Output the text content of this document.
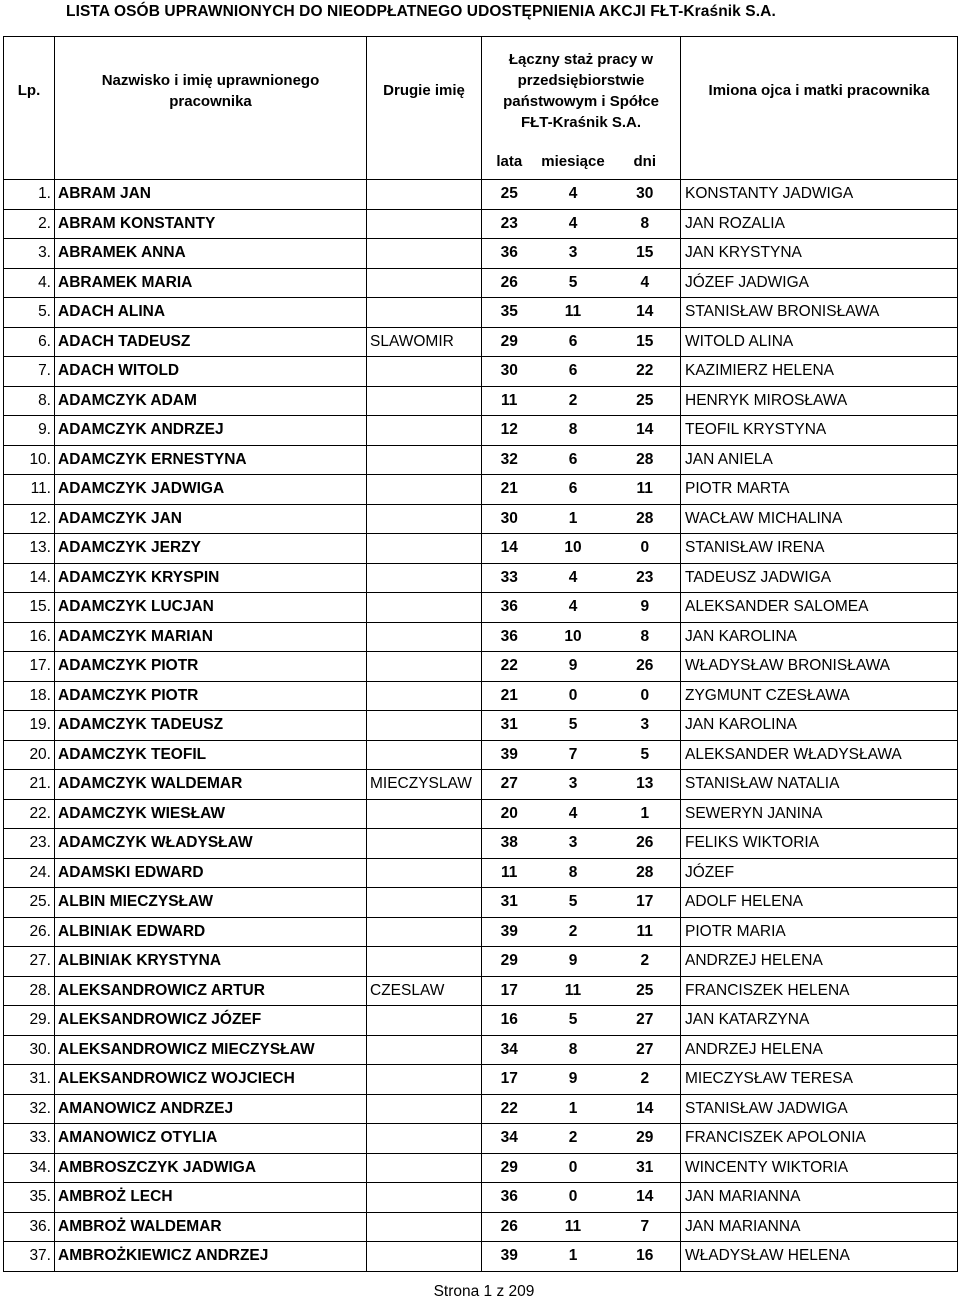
LISTA OSÓB UPRAWNIONYCH DO NIEODPŁATNEGO UDOSTĘPNIENIA AKCJI FŁT-Kraśnik S.A.
Lp.	Nazwisko i imię uprawnionego pracownika	Drugie imię	Łączny staż pracy w przedsiębiorstwie państwowym i Spółce FŁT-Kraśnik S.A.			Imiona ojca i matki pracownika
			lata	miesiące	dni	
1.	ABRAM JAN		25	4	30	KONSTANTY JADWIGA
2.	ABRAM KONSTANTY		23	4	8	JAN ROZALIA
3.	ABRAMEK ANNA		36	3	15	JAN KRYSTYNA
4.	ABRAMEK MARIA		26	5	4	JÓZEF JADWIGA
5.	ADACH ALINA		35	11	14	STANISŁAW BRONISŁAWA
6.	ADACH TADEUSZ	SLAWOMIR	29	6	15	WITOLD ALINA
7.	ADACH WITOLD		30	6	22	KAZIMIERZ HELENA
8.	ADAMCZYK ADAM		11	2	25	HENRYK MIROSŁAWA
9.	ADAMCZYK ANDRZEJ		12	8	14	TEOFIL KRYSTYNA
10.	ADAMCZYK ERNESTYNA		32	6	28	JAN ANIELA
11.	ADAMCZYK JADWIGA		21	6	11	PIOTR MARTA
12.	ADAMCZYK JAN		30	1	28	WACŁAW MICHALINA
13.	ADAMCZYK JERZY		14	10	0	STANISŁAW IRENA
14.	ADAMCZYK KRYSPIN		33	4	23	TADEUSZ JADWIGA
15.	ADAMCZYK LUCJAN		36	4	9	ALEKSANDER SALOMEA
16.	ADAMCZYK MARIAN		36	10	8	JAN KAROLINA
17.	ADAMCZYK PIOTR		22	9	26	WŁADYSŁAW BRONISŁAWA
18.	ADAMCZYK PIOTR		21	0	0	ZYGMUNT CZESŁAWA
19.	ADAMCZYK TADEUSZ		31	5	3	JAN KAROLINA
20.	ADAMCZYK TEOFIL		39	7	5	ALEKSANDER WŁADYSŁAWA
21.	ADAMCZYK WALDEMAR	MIECZYSLAW	27	3	13	STANISŁAW NATALIA
22.	ADAMCZYK WIESŁAW		20	4	1	SEWERYN JANINA
23.	ADAMCZYK WŁADYSŁAW		38	3	26	FELIKS WIKTORIA
24.	ADAMSKI EDWARD		11	8	28	JÓZEF
25.	ALBIN MIECZYSŁAW		31	5	17	ADOLF HELENA
26.	ALBINIAK EDWARD		39	2	11	PIOTR MARIA
27.	ALBINIAK KRYSTYNA		29	9	2	ANDRZEJ HELENA
28.	ALEKSANDROWICZ ARTUR	CZESLAW	17	11	25	FRANCISZEK HELENA
29.	ALEKSANDROWICZ JÓZEF		16	5	27	JAN KATARZYNA
30.	ALEKSANDROWICZ MIECZYSŁAW		34	8	27	ANDRZEJ HELENA
31.	ALEKSANDROWICZ WOJCIECH		17	9	2	MIECZYSŁAW TERESA
32.	AMANOWICZ ANDRZEJ		22	1	14	STANISŁAW JADWIGA
33.	AMANOWICZ OTYLIA		34	2	29	FRANCISZEK APOLONIA
34.	AMBROSZCZYK JADWIGA		29	0	31	WINCENTY WIKTORIA
35.	AMBROŻ LECH		36	0	14	JAN MARIANNA
36.	AMBROŻ WALDEMAR		26	11	7	JAN MARIANNA
37.	AMBROŻKIEWICZ ANDRZEJ		39	1	16	WŁADYSŁAW HELENA
Strona 1 z 209
